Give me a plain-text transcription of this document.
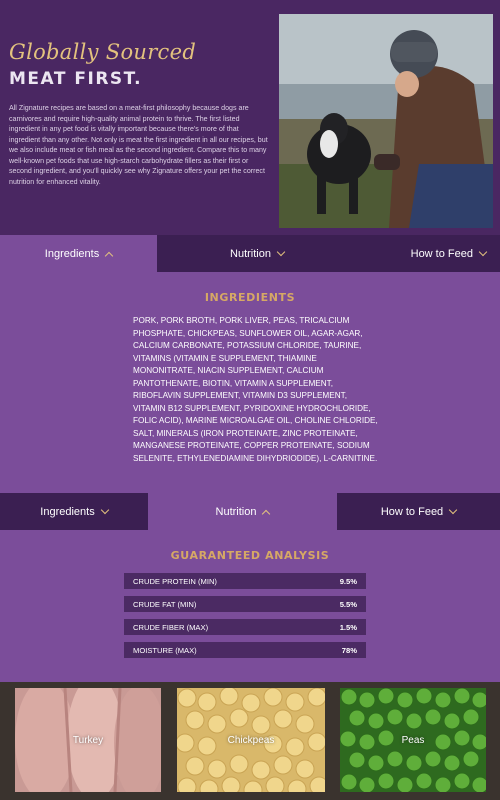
Globally Sourced
MEAT FIRST.

All Zignature recipes are based on a meat-first philosophy because dogs are carnivores and require high-quality animal protein to thrive. The first listed ingredient in any pet food is vitally important because there's more of that ingredient than any other. Not only is meat the first ingredient in all our recipes, but we also include meat or fish meal as the second ingredient. Compare this to many well-known pet foods that use high-starch carbohydrate fillers as their first or second ingredient, and you'll quickly see why Zignature offers your pet the correct nutrition for enhanced vitality.

Ingredients	Nutrition	How to Feed
INGREDIENTS

PORK, PORK BROTH, PORK LIVER, PEAS, TRICALCIUM PHOSPHATE, CHICKPEAS, SUNFLOWER OIL, AGAR-AGAR, CALCIUM CARBONATE, POTASSIUM CHLORIDE, TAURINE, VITAMINS (VITAMIN E SUPPLEMENT, THIAMINE MONONITRATE, NIACIN SUPPLEMENT, CALCIUM PANTOTHENATE, BIOTIN, VITAMIN A SUPPLEMENT, RIBOFLAVIN SUPPLEMENT, VITAMIN D3 SUPPLEMENT, VITAMIN B12 SUPPLEMENT, PYRIDOXINE HYDROCHLORIDE, FOLIC ACID), MARINE MICROALGAE OIL, CHOLINE CHLORIDE, SALT, MINERALS (IRON PROTEINATE, ZINC PROTEINATE, MANGANESE PROTEINATE, COPPER PROTEINATE, SODIUM SELENITE, ETHYLENEDIAMINE DIHYDRIODIDE), L-CARNITINE.

Ingredients	Nutrition	How to Feed
GUARANTEED ANALYSIS
CRUDE PROTEIN (MIN)	9.5%
CRUDE FAT (MIN)	5.5%
CRUDE FIBER (MAX)	1.5%
MOISTURE (MAX)	78%
Turkey	Chickpeas	Peas
